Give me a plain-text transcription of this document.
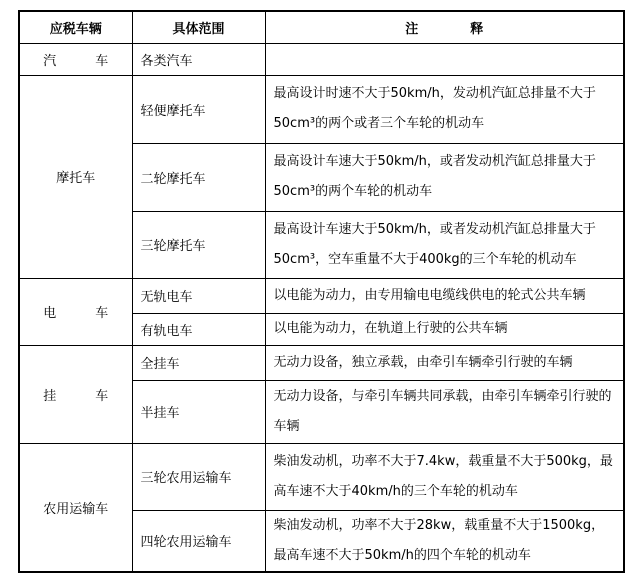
应税车辆	具体范围	注　　　　释
汽　　　车	各类汽车	
摩托车	轻便摩托车	最高设计时速不大于50km/h，发动机汽缸总排量不大于50cm³的两个或者三个车轮的机动车
	二轮摩托车	最高设计车速大于50km/h，或者发动机汽缸总排量大于50cm³的两个车轮的机动车
	三轮摩托车	最高设计车速大于50km/h，或者发动机汽缸总排量大于50cm³，空车重量不大于400kg的三个车轮的机动车
电　　　车	无轨电车	以电能为动力，由专用输电电缆线供电的轮式公共车辆
	有轨电车	以电能为动力，在轨道上行驶的公共车辆
挂　　　车	全挂车	无动力设备，独立承载，由牵引车辆牵引行驶的车辆
	半挂车	无动力设备，与牵引车辆共同承载，由牵引车辆牵引行驶的车辆
农用运输车	三轮农用运输车	柴油发动机，功率不大于7.4kw，载重量不大于500kg，最高车速不大于40km/h的三个车轮的机动车
	四轮农用运输车	柴油发动机，功率不大于28kw，载重量不大于1500kg，最高车速不大于50km/h的四个车轮的机动车
